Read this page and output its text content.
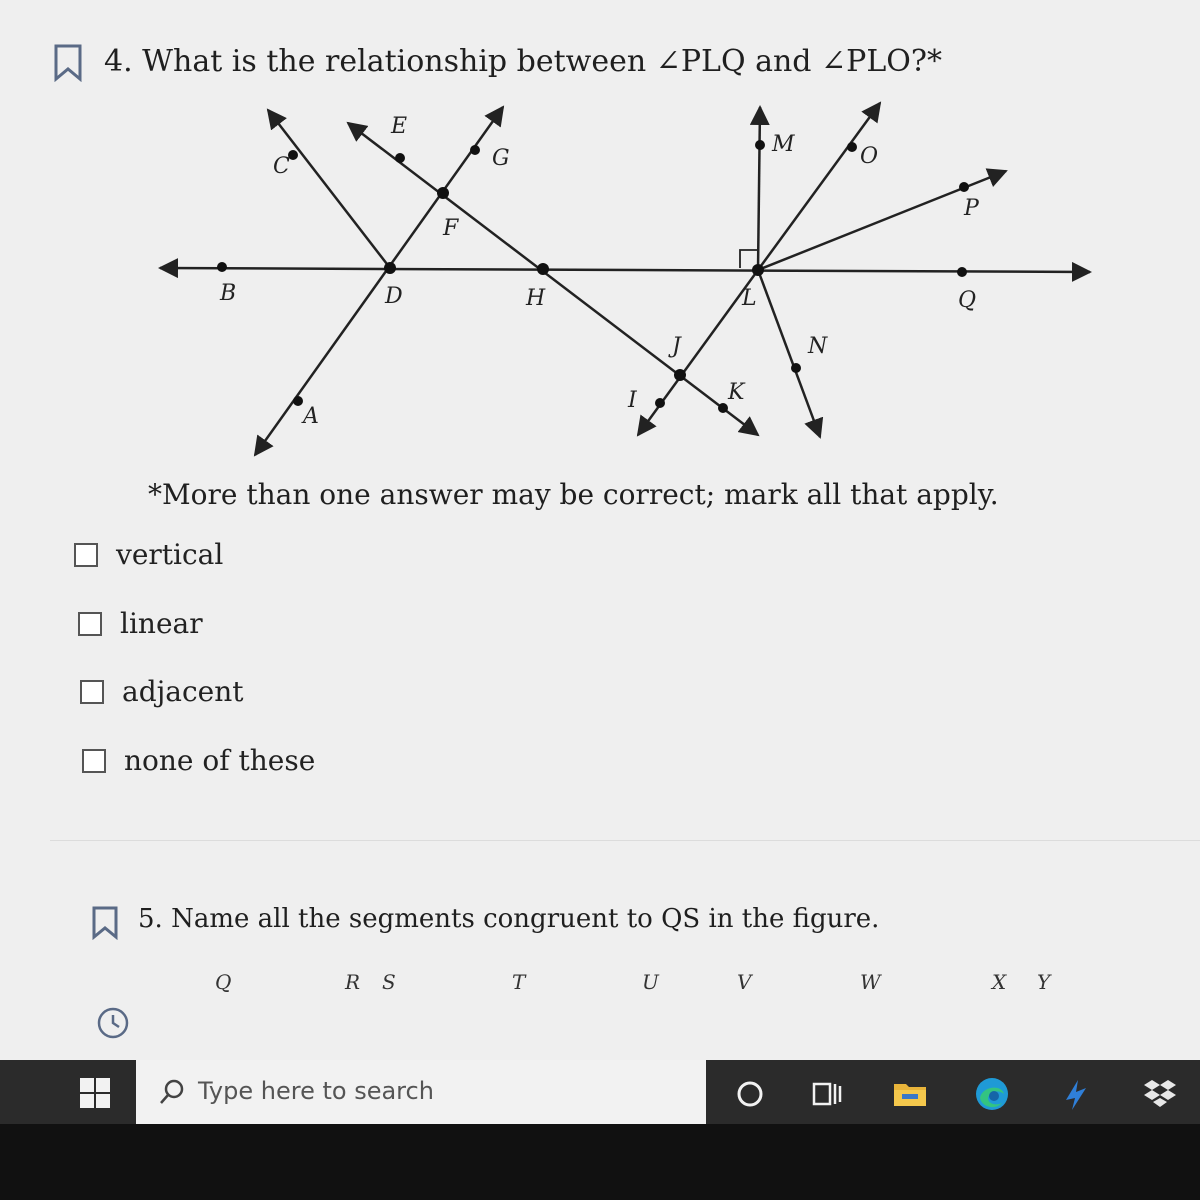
4. What is the relationship between ∠PLQ and ∠PLO?*
C
E
G
F
B	D	H
A
M	O
P
L	Q
J	N
K
I
*More than one answer may be correct; mark all that apply.
vertical
linear
adjacent
none of these
5. Name all the segments congruent to QS in the figure.
Q	R S	T	U	V	W	X Y
Type here to search
